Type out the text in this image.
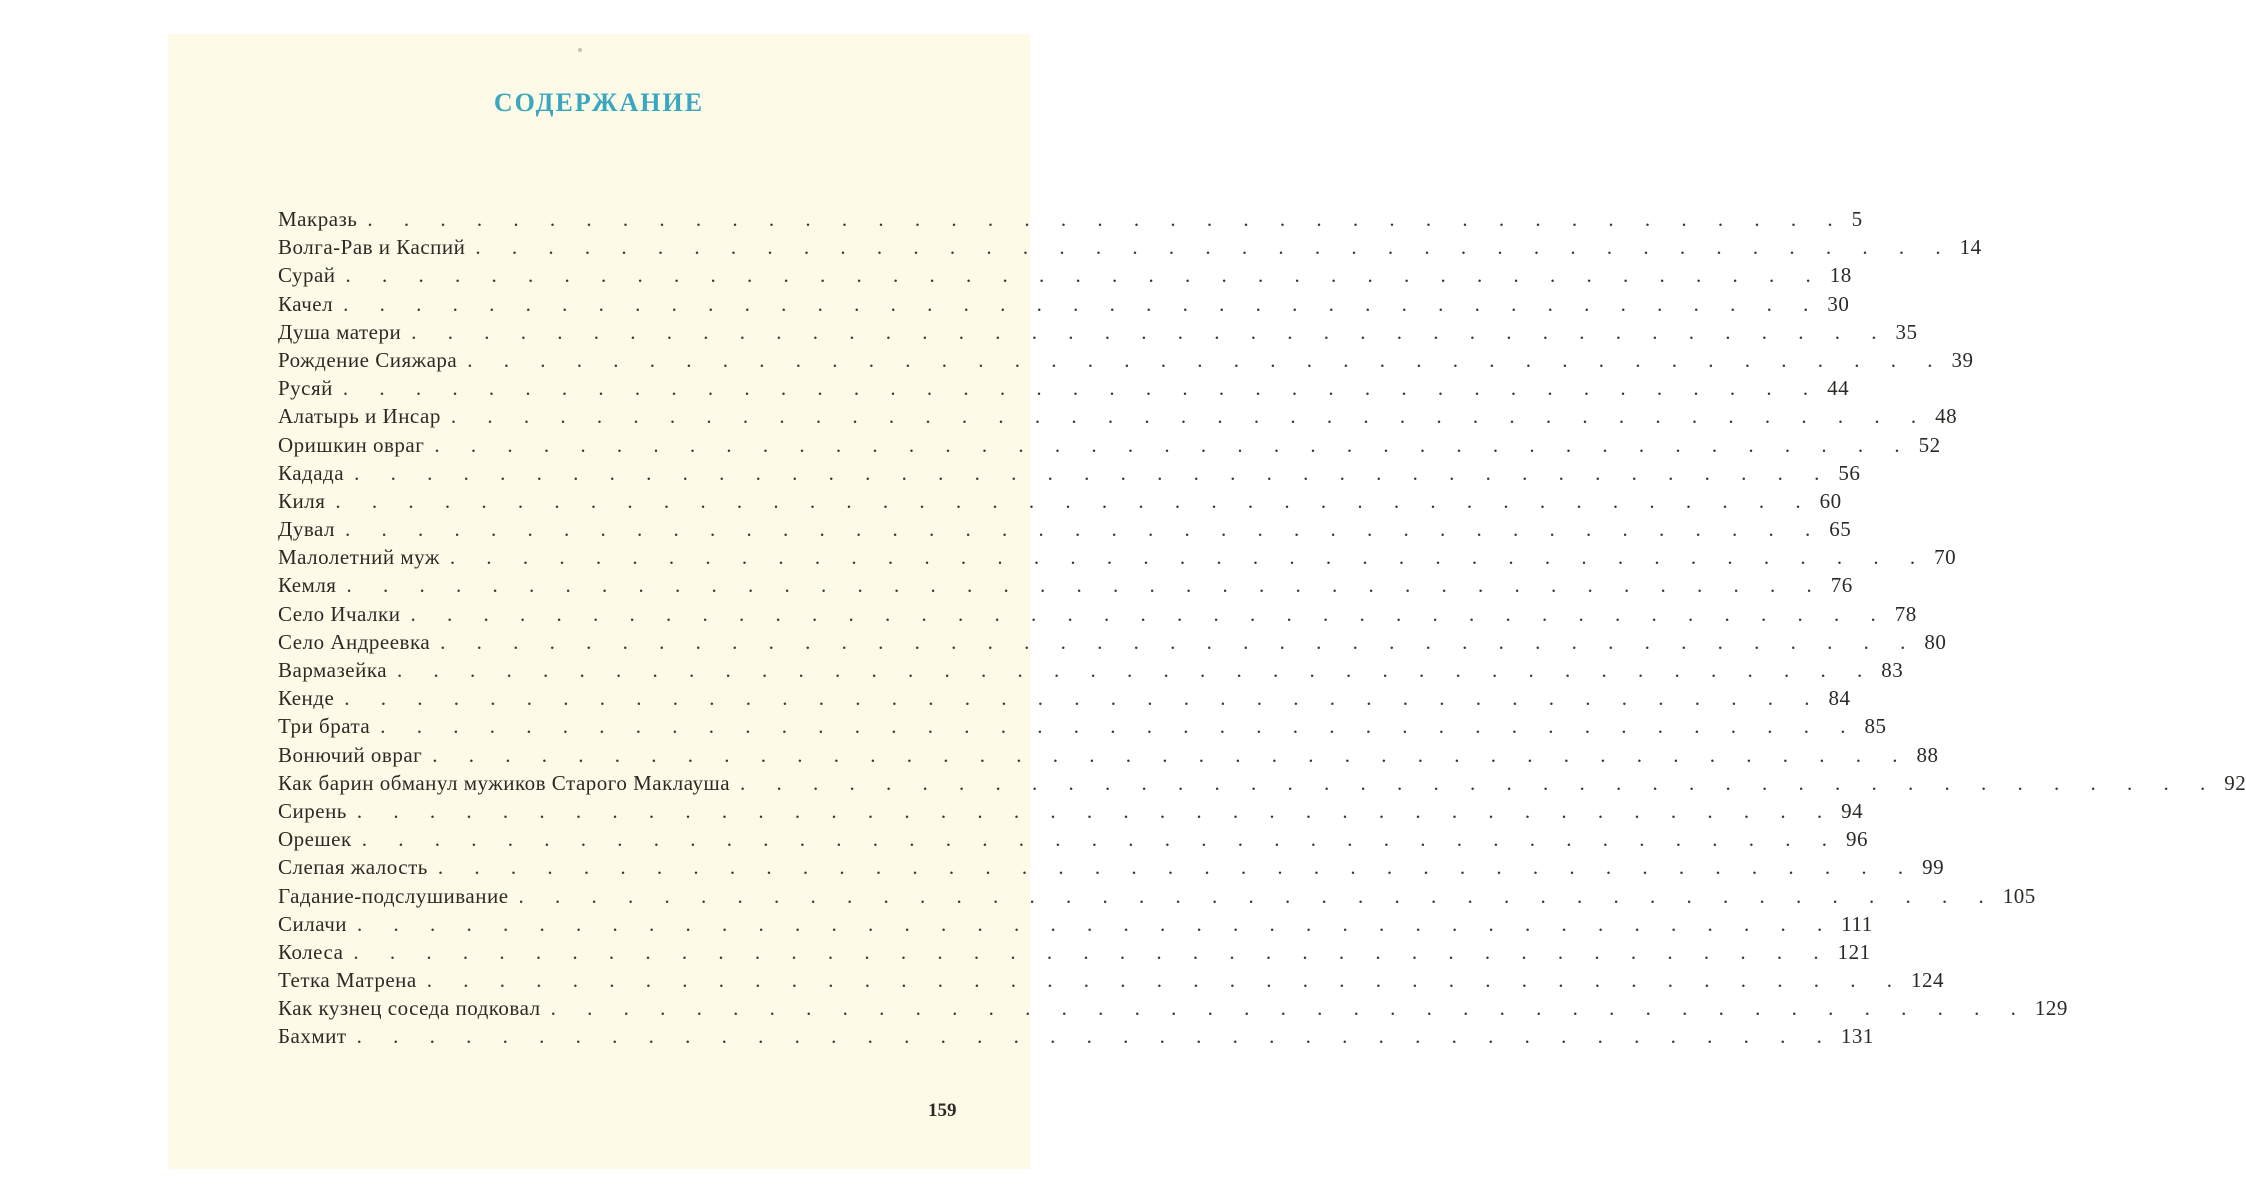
СОДЕРЖАНИЕ
Макразь . . . . . . . . . . . . . . . . . . . . . . . . . . . . . . . . . . . . . . . . . 5
Волга-Рав и Каспий . . . . . . . . . . . . . . . . . . . . . . . . . . . . . . . . . . . . . . . . . 14
Сурай . . . . . . . . . . . . . . . . . . . . . . . . . . . . . . . . . . . . . . . . . 18
Качел . . . . . . . . . . . . . . . . . . . . . . . . . . . . . . . . . . . . . . . . . 30
Душа матери . . . . . . . . . . . . . . . . . . . . . . . . . . . . . . . . . . . . . . . . . 35
Рождение Сияжара . . . . . . . . . . . . . . . . . . . . . . . . . . . . . . . . . . . . . . . . . 39
Русяй . . . . . . . . . . . . . . . . . . . . . . . . . . . . . . . . . . . . . . . . . 44
Алатырь и Инсар . . . . . . . . . . . . . . . . . . . . . . . . . . . . . . . . . . . . . . . . . 48
Оришкин овраг . . . . . . . . . . . . . . . . . . . . . . . . . . . . . . . . . . . . . . . . . 52
Кадада . . . . . . . . . . . . . . . . . . . . . . . . . . . . . . . . . . . . . . . . . 56
Киля . . . . . . . . . . . . . . . . . . . . . . . . . . . . . . . . . . . . . . . . . 60
Дувал . . . . . . . . . . . . . . . . . . . . . . . . . . . . . . . . . . . . . . . . . 65
Малолетний муж . . . . . . . . . . . . . . . . . . . . . . . . . . . . . . . . . . . . . . . . . 70
Кемля . . . . . . . . . . . . . . . . . . . . . . . . . . . . . . . . . . . . . . . . . 76
Село Ичалки . . . . . . . . . . . . . . . . . . . . . . . . . . . . . . . . . . . . . . . . . 78
Село Андреевка . . . . . . . . . . . . . . . . . . . . . . . . . . . . . . . . . . . . . . . . . 80
Вармазейка . . . . . . . . . . . . . . . . . . . . . . . . . . . . . . . . . . . . . . . . . 83
Кенде . . . . . . . . . . . . . . . . . . . . . . . . . . . . . . . . . . . . . . . . . 84
Три брата . . . . . . . . . . . . . . . . . . . . . . . . . . . . . . . . . . . . . . . . . 85
Вонючий овраг . . . . . . . . . . . . . . . . . . . . . . . . . . . . . . . . . . . . . . . . . 88
Как барин обманул мужиков Старого Маклауша . . . . . . . . . . . . . . . . . . . . . . . . . . . . . . . . . . . . . . . . . 92
Сирень . . . . . . . . . . . . . . . . . . . . . . . . . . . . . . . . . . . . . . . . . 94
Орешек . . . . . . . . . . . . . . . . . . . . . . . . . . . . . . . . . . . . . . . . . 96
Слепая жалость . . . . . . . . . . . . . . . . . . . . . . . . . . . . . . . . . . . . . . . . . 99
Гадание-подслушивание . . . . . . . . . . . . . . . . . . . . . . . . . . . . . . . . . . . . . . . . . 105
Силачи . . . . . . . . . . . . . . . . . . . . . . . . . . . . . . . . . . . . . . . . . 111
Колеса . . . . . . . . . . . . . . . . . . . . . . . . . . . . . . . . . . . . . . . . . 121
Тетка Матрена . . . . . . . . . . . . . . . . . . . . . . . . . . . . . . . . . . . . . . . . . 124
Как кузнец соседа подковал . . . . . . . . . . . . . . . . . . . . . . . . . . . . . . . . . . . . . . . . . 129
Бахмит . . . . . . . . . . . . . . . . . . . . . . . . . . . . . . . . . . . . . . . . . 131
159
